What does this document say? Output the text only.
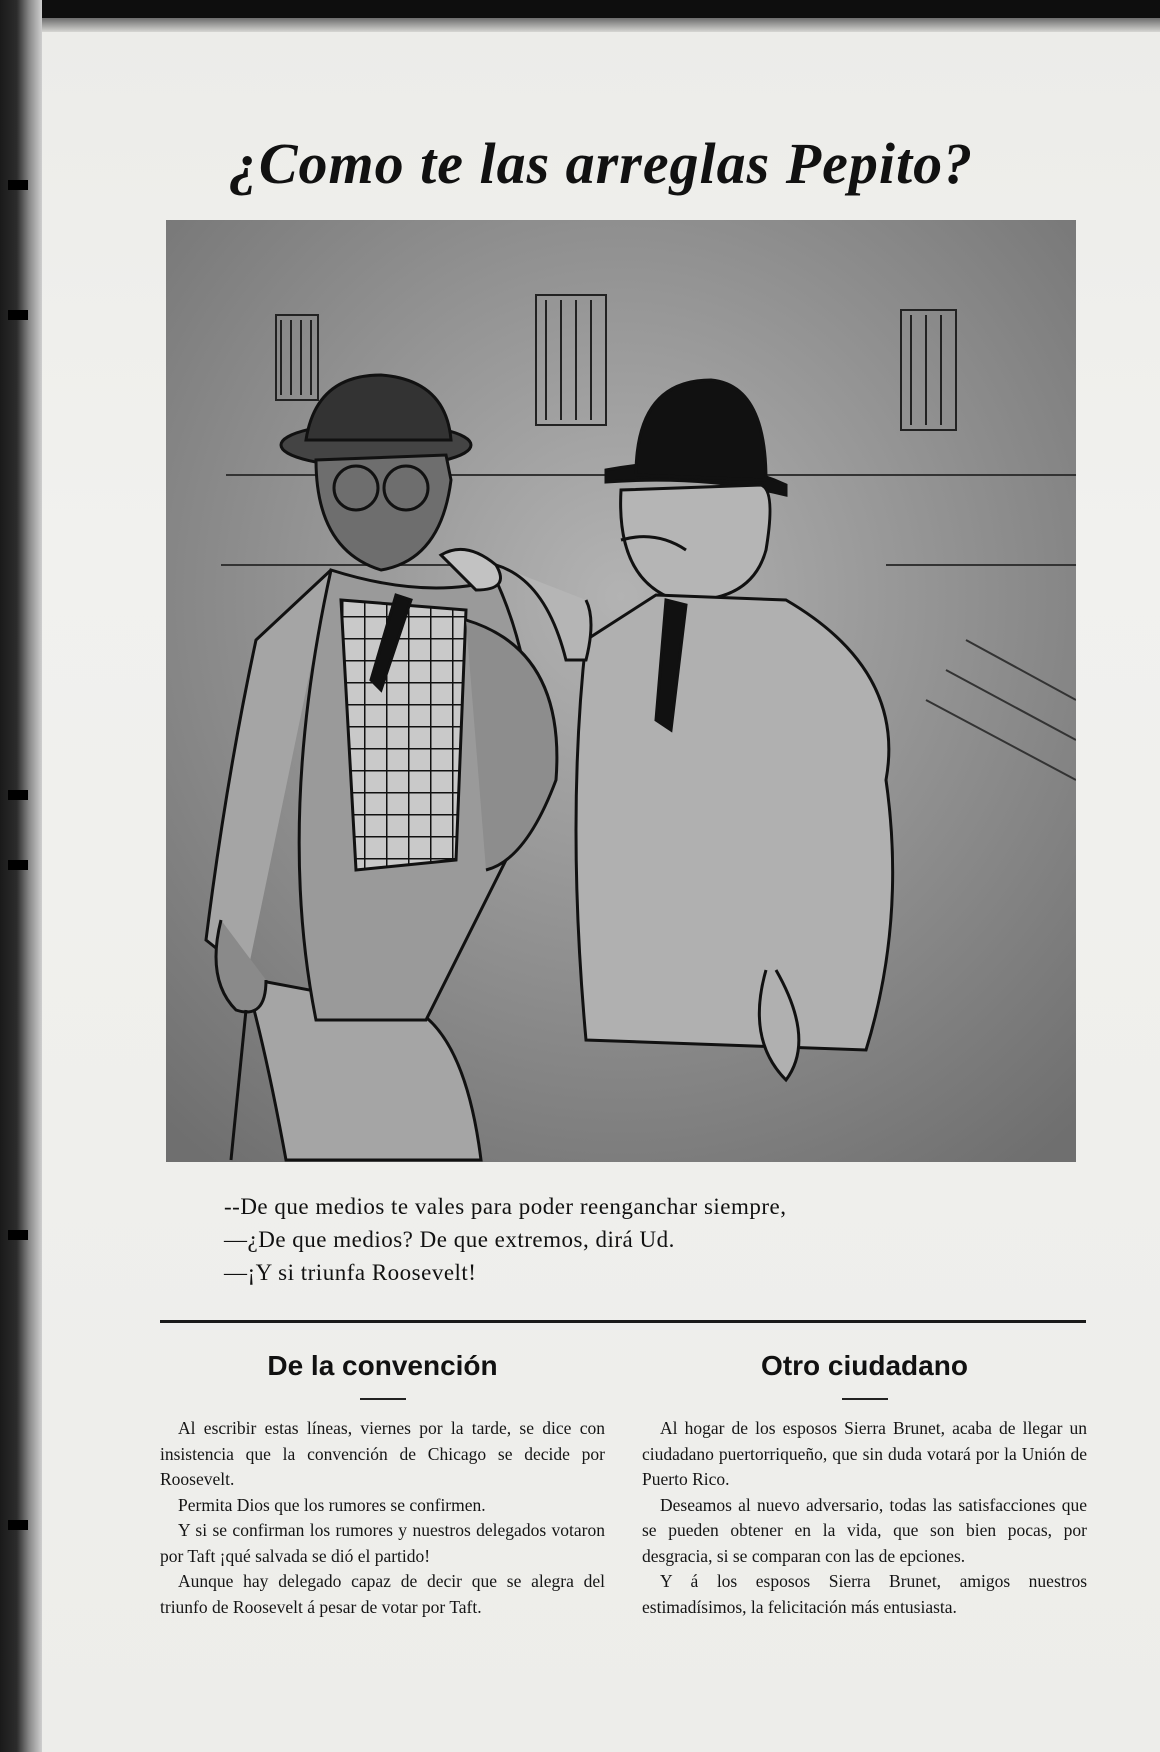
¿Como te las arreglas Pepito?
--De que medios te vales para poder reenganchar siempre,
—¿De que medios? De que extremos, dirá Ud.
—¡Y si triunfa Roosevelt!
De la convención

Al escribir estas líneas, viernes por la tarde, se dice con insistencia que la convención de Chicago se decide por Roosevelt.

Permita Dios que los rumores se confirmen.

Y si se confirman los rumores y nuestros delegados votaron por Taft ¡qué salvada se dió el partido!

Aunque hay delegado capaz de decir que se alegra del triunfo de Roosevelt á pesar de votar por Taft.

Otro ciudadano

Al hogar de los esposos Sierra Brunet, acaba de llegar un ciudadano puertorriqueño, que sin duda votará por la Unión de Puerto Rico.

Deseamos al nuevo adversario, todas las satisfacciones que se pueden obtener en la vida, que son bien pocas, por desgracia, si se comparan con las de epciones.

Y á los esposos Sierra Brunet, amigos nuestros estimadísimos, la felicitación más entusiasta.
